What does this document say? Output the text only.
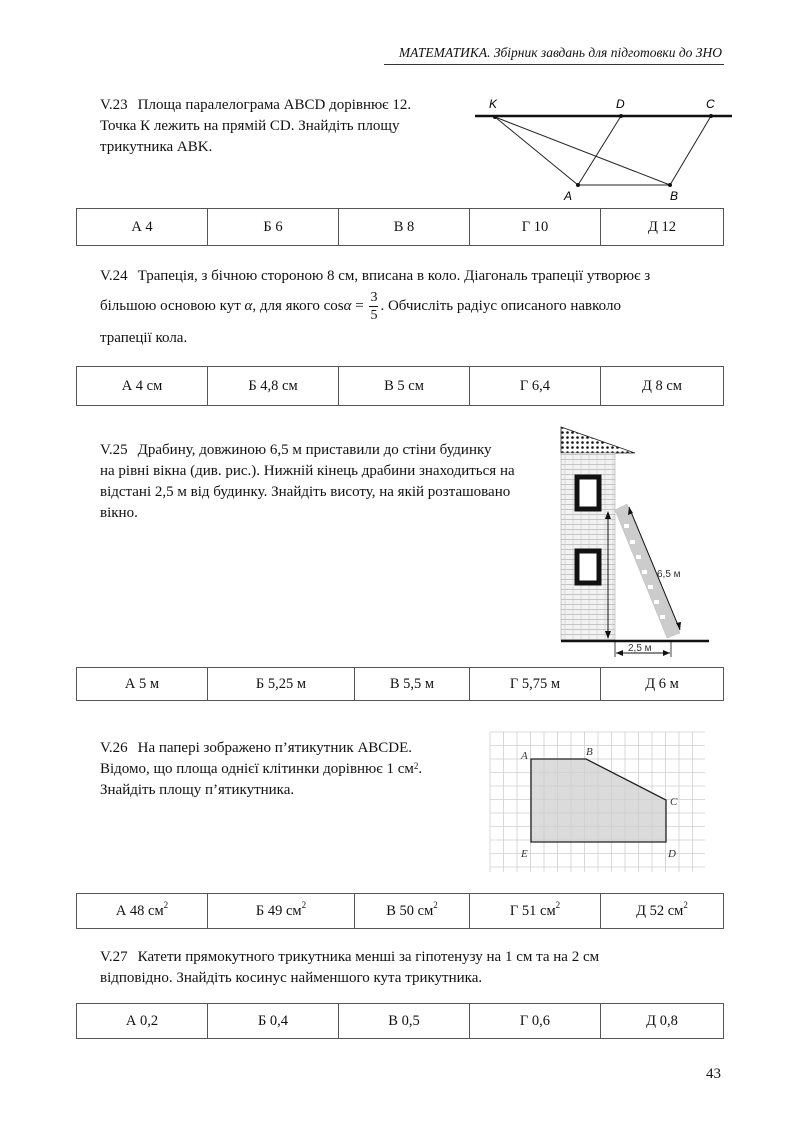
МАТЕМАТИКА. Збірник завдань для підготовки до ЗНО
V.23 Площа паралелограма ABCD дорівнює 12.
Точка К лежить на прямій CD. Знайдіть площу
трикутника ABK.
K	D	C
A	B
А 4	Б 6	В 8	Г 10	Д 12
V.24 Трапеція, з бічною стороною 8 см, вписана в коло. Діагональ трапеції утворює з
більшою основою кут α, для якого $\cos\alpha = \frac{3}{5}$ . Обчисліть радіус описаного навколо
трапеції кола.
А 4 см	Б 4,8 см	В 5 см	Г 6,4	Д 8 см
V.25 Драбину, довжиною 6,5 м приставили до стіни будинку
на рівні вікна (див. рис.). Нижній кінець драбини знаходиться на
відстані 2,5 м від будинку. Знайдіть висоту, на якій розташовано
вікно.
6,5 м
2,5 м
А 5 м	Б 5,25 м	В 5,5 м	Г 5,75 м	Д 6 м
V.26 На папері зображено п’ятикутник ABCDE.
Відомо, що площа однієї клітинки дорівнює 1 $см^2$.
Знайдіть площу п’ятикутника.
A	B
C
D
E
А 48 $см^2$	Б 49 $см^2$	В 50 $см^2$	Г 51 $см^2$	Д 52 $см^2$
V.27 Катети прямокутного трикутника менші за гіпотенузу на 1 см та на 2 см
відповідно. Знайдіть косинус найменшого кута трикутника.
А 0,2	Б 0,4	В 0,5	Г 0,6	Д 0,8
43
